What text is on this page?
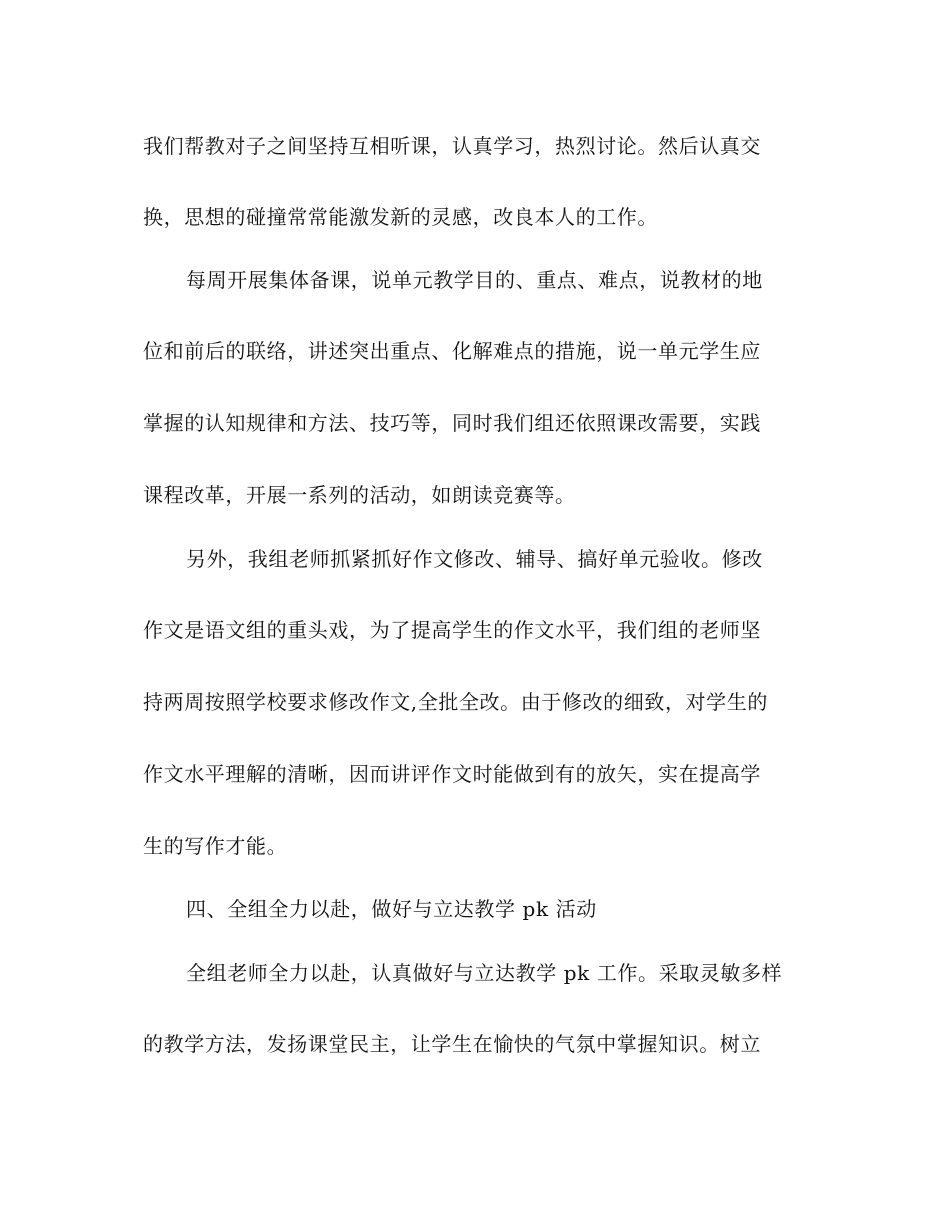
我们帮教对子之间坚持互相听课，认真学习，热烈讨论。然后认真交
换，思想的碰撞常常能激发新的灵感，改良本人的工作。
每周开展集体备课，说单元教学目的、重点、难点，说教材的地
位和前后的联络，讲述突出重点、化解难点的措施，说一单元学生应
掌握的认知规律和方法、技巧等，同时我们组还依照课改需要，实践
课程改革，开展一系列的活动，如朗读竞赛等。
另外，我组老师抓紧抓好作文修改、辅导、搞好单元验收。修改
作文是语文组的重头戏，为了提高学生的作文水平，我们组的老师坚
持两周按照学校要求修改作文,全批全改。由于修改的细致，对学生的
作文水平理解的清晰，因而讲评作文时能做到有的放矢，实在提高学
生的写作才能。
四、全组全力以赴，做好与立达教学 pk 活动
全组老师全力以赴，认真做好与立达教学 pk 工作。采取灵敏多样
的教学方法，发扬课堂民主，让学生在愉快的气氛中掌握知识。树立
